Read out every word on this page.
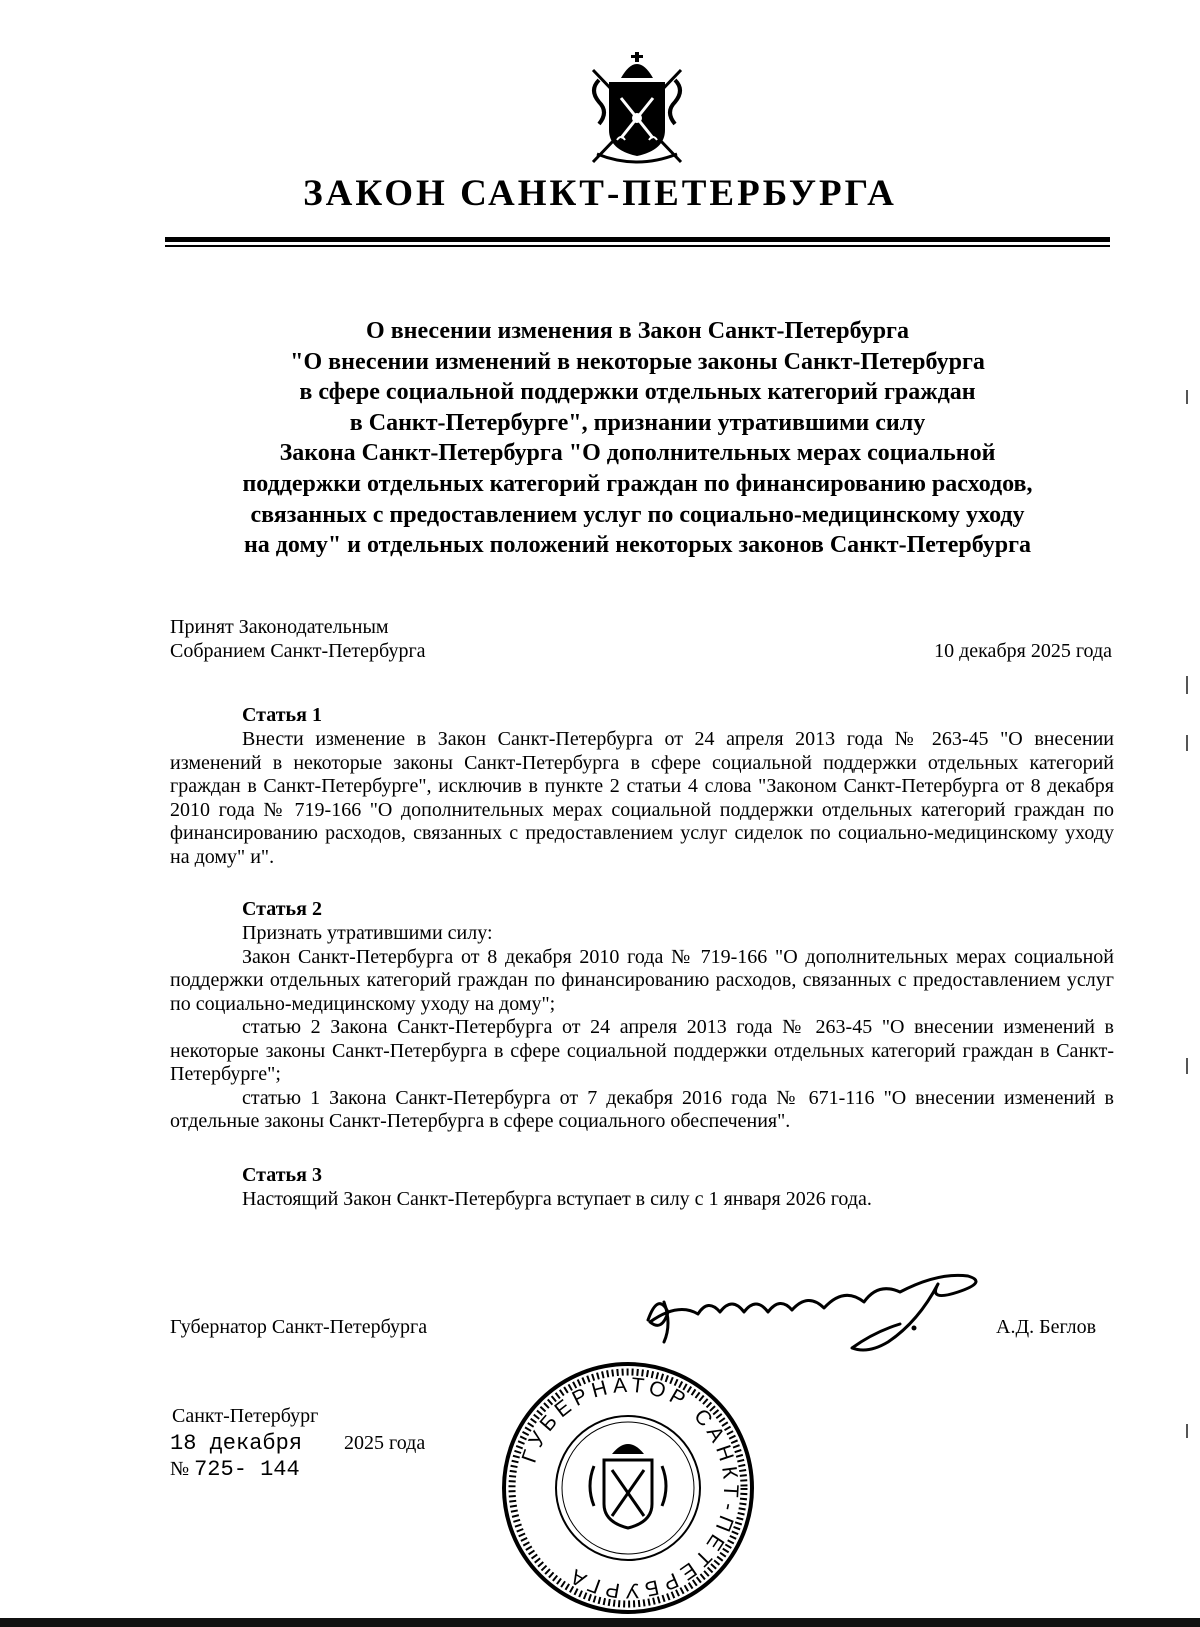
ЗАКОН САНКТ-ПЕТЕРБУРГА
О внесении изменения в Закон Санкт-Петербурга
"О внесении изменений в некоторые законы Санкт-Петербурга
в сфере социальной поддержки отдельных категорий граждан
в Санкт-Петербурге", признании утратившими силу
Закона Санкт-Петербурга "О дополнительных мерах социальной
поддержки отдельных категорий граждан по финансированию расходов,
связанных с предоставлением услуг по социально-медицинскому уходу
на дому" и отдельных положений некоторых законов Санкт-Петербурга
Принят Законодательным
Собранием Санкт-Петербурга	10 декабря 2025 года
Статья 1

Внести изменение в Закон Санкт-Петербурга от 24 апреля 2013 года № 263-45 "О внесении изменений в некоторые законы Санкт-Петербурга в сфере социальной поддержки отдельных категорий граждан в Санкт-Петербурге", исключив в пункте 2 статьи 4 слова "Законом Санкт-Петербурга от 8 декабря 2010 года № 719-166 "О дополнительных мерах социальной поддержки отдельных категорий граждан по финансированию расходов, связанных с предоставлением услуг сиделок по социально-медицинскому уходу на дому" и".

Статья 2

Признать утратившими силу:

Закон Санкт-Петербурга от 8 декабря 2010 года № 719-166 "О дополнительных мерах социальной поддержки отдельных категорий граждан по финансированию расходов, связанных с предоставлением услуг по социально-медицинскому уходу на дому";

статью 2 Закона Санкт-Петербурга от 24 апреля 2013 года № 263-45 "О внесении изменений в некоторые законы Санкт-Петербурга в сфере социальной поддержки отдельных категорий граждан в Санкт-Петербурге";

статью 1 Закона Санкт-Петербурга от 7 декабря 2016 года № 671-116 "О внесении изменений в отдельные законы Санкт-Петербурга в сфере социального обеспечения".

Статья 3

Настоящий Закон Санкт-Петербурга вступает в силу с 1 января 2026 года.

Губернатор Санкт-Петербурга	А.Д. Беглов
ГУБЕРНАТОР САНКТ-ПЕТЕРБУРГА
Санкт-Петербург
18 декабря 2025 года
№ 725- 144
